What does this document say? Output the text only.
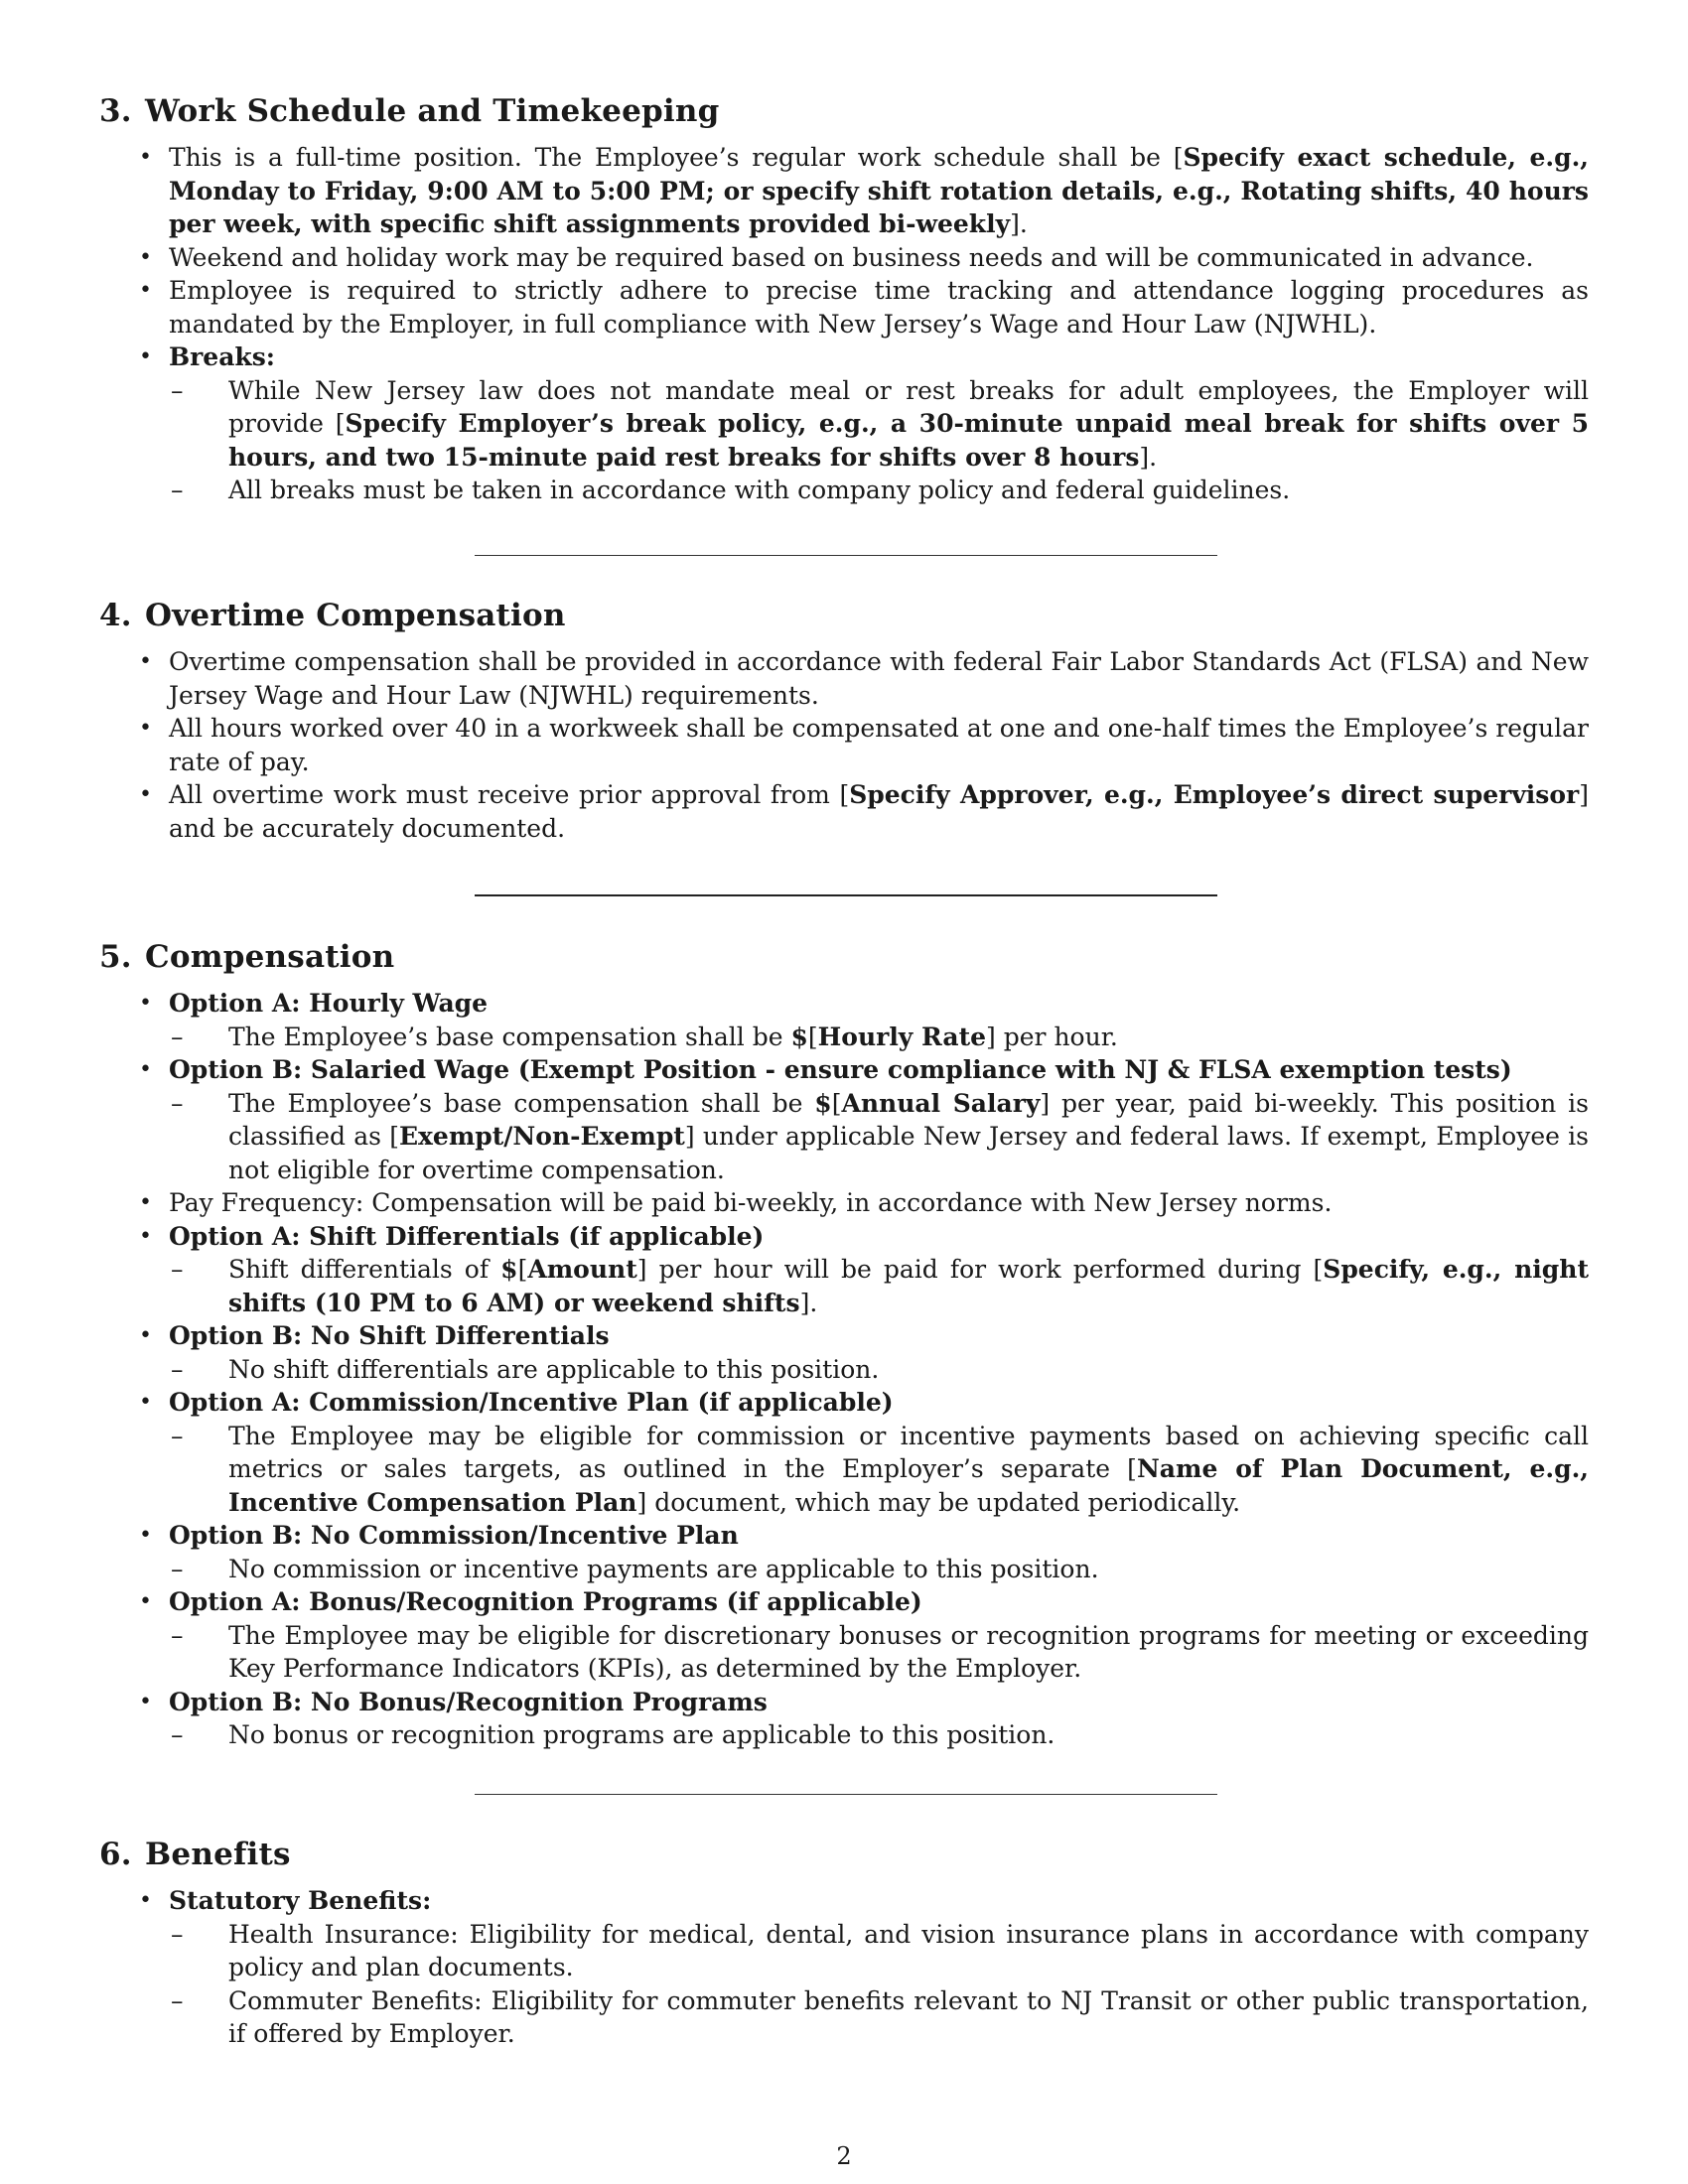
3. Work Schedule and Timekeeping
• This is a full-time position. The Employee’s regular work schedule shall be [Specify exact schedule, e.g., Monday to Friday, 9:00 AM to 5:00 PM; or specify shift rotation details, e.g., Rotating shifts, 40 hours per week, with specific shift assignments provided bi-weekly].
• Weekend and holiday work may be required based on business needs and will be communicated in advance.
• Employee is required to strictly adhere to precise time tracking and attendance logging procedures as mandated by the Employer, in full compliance with New Jersey’s Wage and Hour Law (NJWHL).
• Breaks:
– While New Jersey law does not mandate meal or rest breaks for adult employees, the Employer will provide [Specify Employer’s break policy, e.g., a 30-minute unpaid meal break for shifts over 5 hours, and two 15-minute paid rest breaks for shifts over 8 hours].
– All breaks must be taken in accordance with company policy and federal guidelines.
4. Overtime Compensation
• Overtime compensation shall be provided in accordance with federal Fair Labor Standards Act (FLSA) and New Jersey Wage and Hour Law (NJWHL) requirements.
• All hours worked over 40 in a workweek shall be compensated at one and one-half times the Employee’s regular rate of pay.
• All overtime work must receive prior approval from [Specify Approver, e.g., Employee’s direct supervisor] and be accurately documented.
5. Compensation
• Option A: Hourly Wage
– The Employee’s base compensation shall be $[Hourly Rate] per hour.
• Option B: Salaried Wage (Exempt Position - ensure compliance with NJ & FLSA exemption tests)
– The Employee’s base compensation shall be $[Annual Salary] per year, paid bi-weekly. This position is classified as [Exempt/Non-Exempt] under applicable New Jersey and federal laws. If exempt, Employee is not eligible for overtime compensation.
• Pay Frequency: Compensation will be paid bi-weekly, in accordance with New Jersey norms.
• Option A: Shift Differentials (if applicable)
– Shift differentials of $[Amount] per hour will be paid for work performed during [Specify, e.g., night shifts (10 PM to 6 AM) or weekend shifts].
• Option B: No Shift Differentials
– No shift differentials are applicable to this position.
• Option A: Commission/Incentive Plan (if applicable)
– The Employee may be eligible for commission or incentive payments based on achieving specific call metrics or sales targets, as outlined in the Employer’s separate [Name of Plan Document, e.g., Incentive Compensation Plan] document, which may be updated periodically.
• Option B: No Commission/Incentive Plan
– No commission or incentive payments are applicable to this position.
• Option A: Bonus/Recognition Programs (if applicable)
– The Employee may be eligible for discretionary bonuses or recognition programs for meeting or exceeding Key Performance Indicators (KPIs), as determined by the Employer.
• Option B: No Bonus/Recognition Programs
– No bonus or recognition programs are applicable to this position.
6. Benefits
• Statutory Benefits:
– Health Insurance: Eligibility for medical, dental, and vision insurance plans in accordance with company policy and plan documents.
– Commuter Benefits: Eligibility for commuter benefits relevant to NJ Transit or other public transportation, if offered by Employer.
2
